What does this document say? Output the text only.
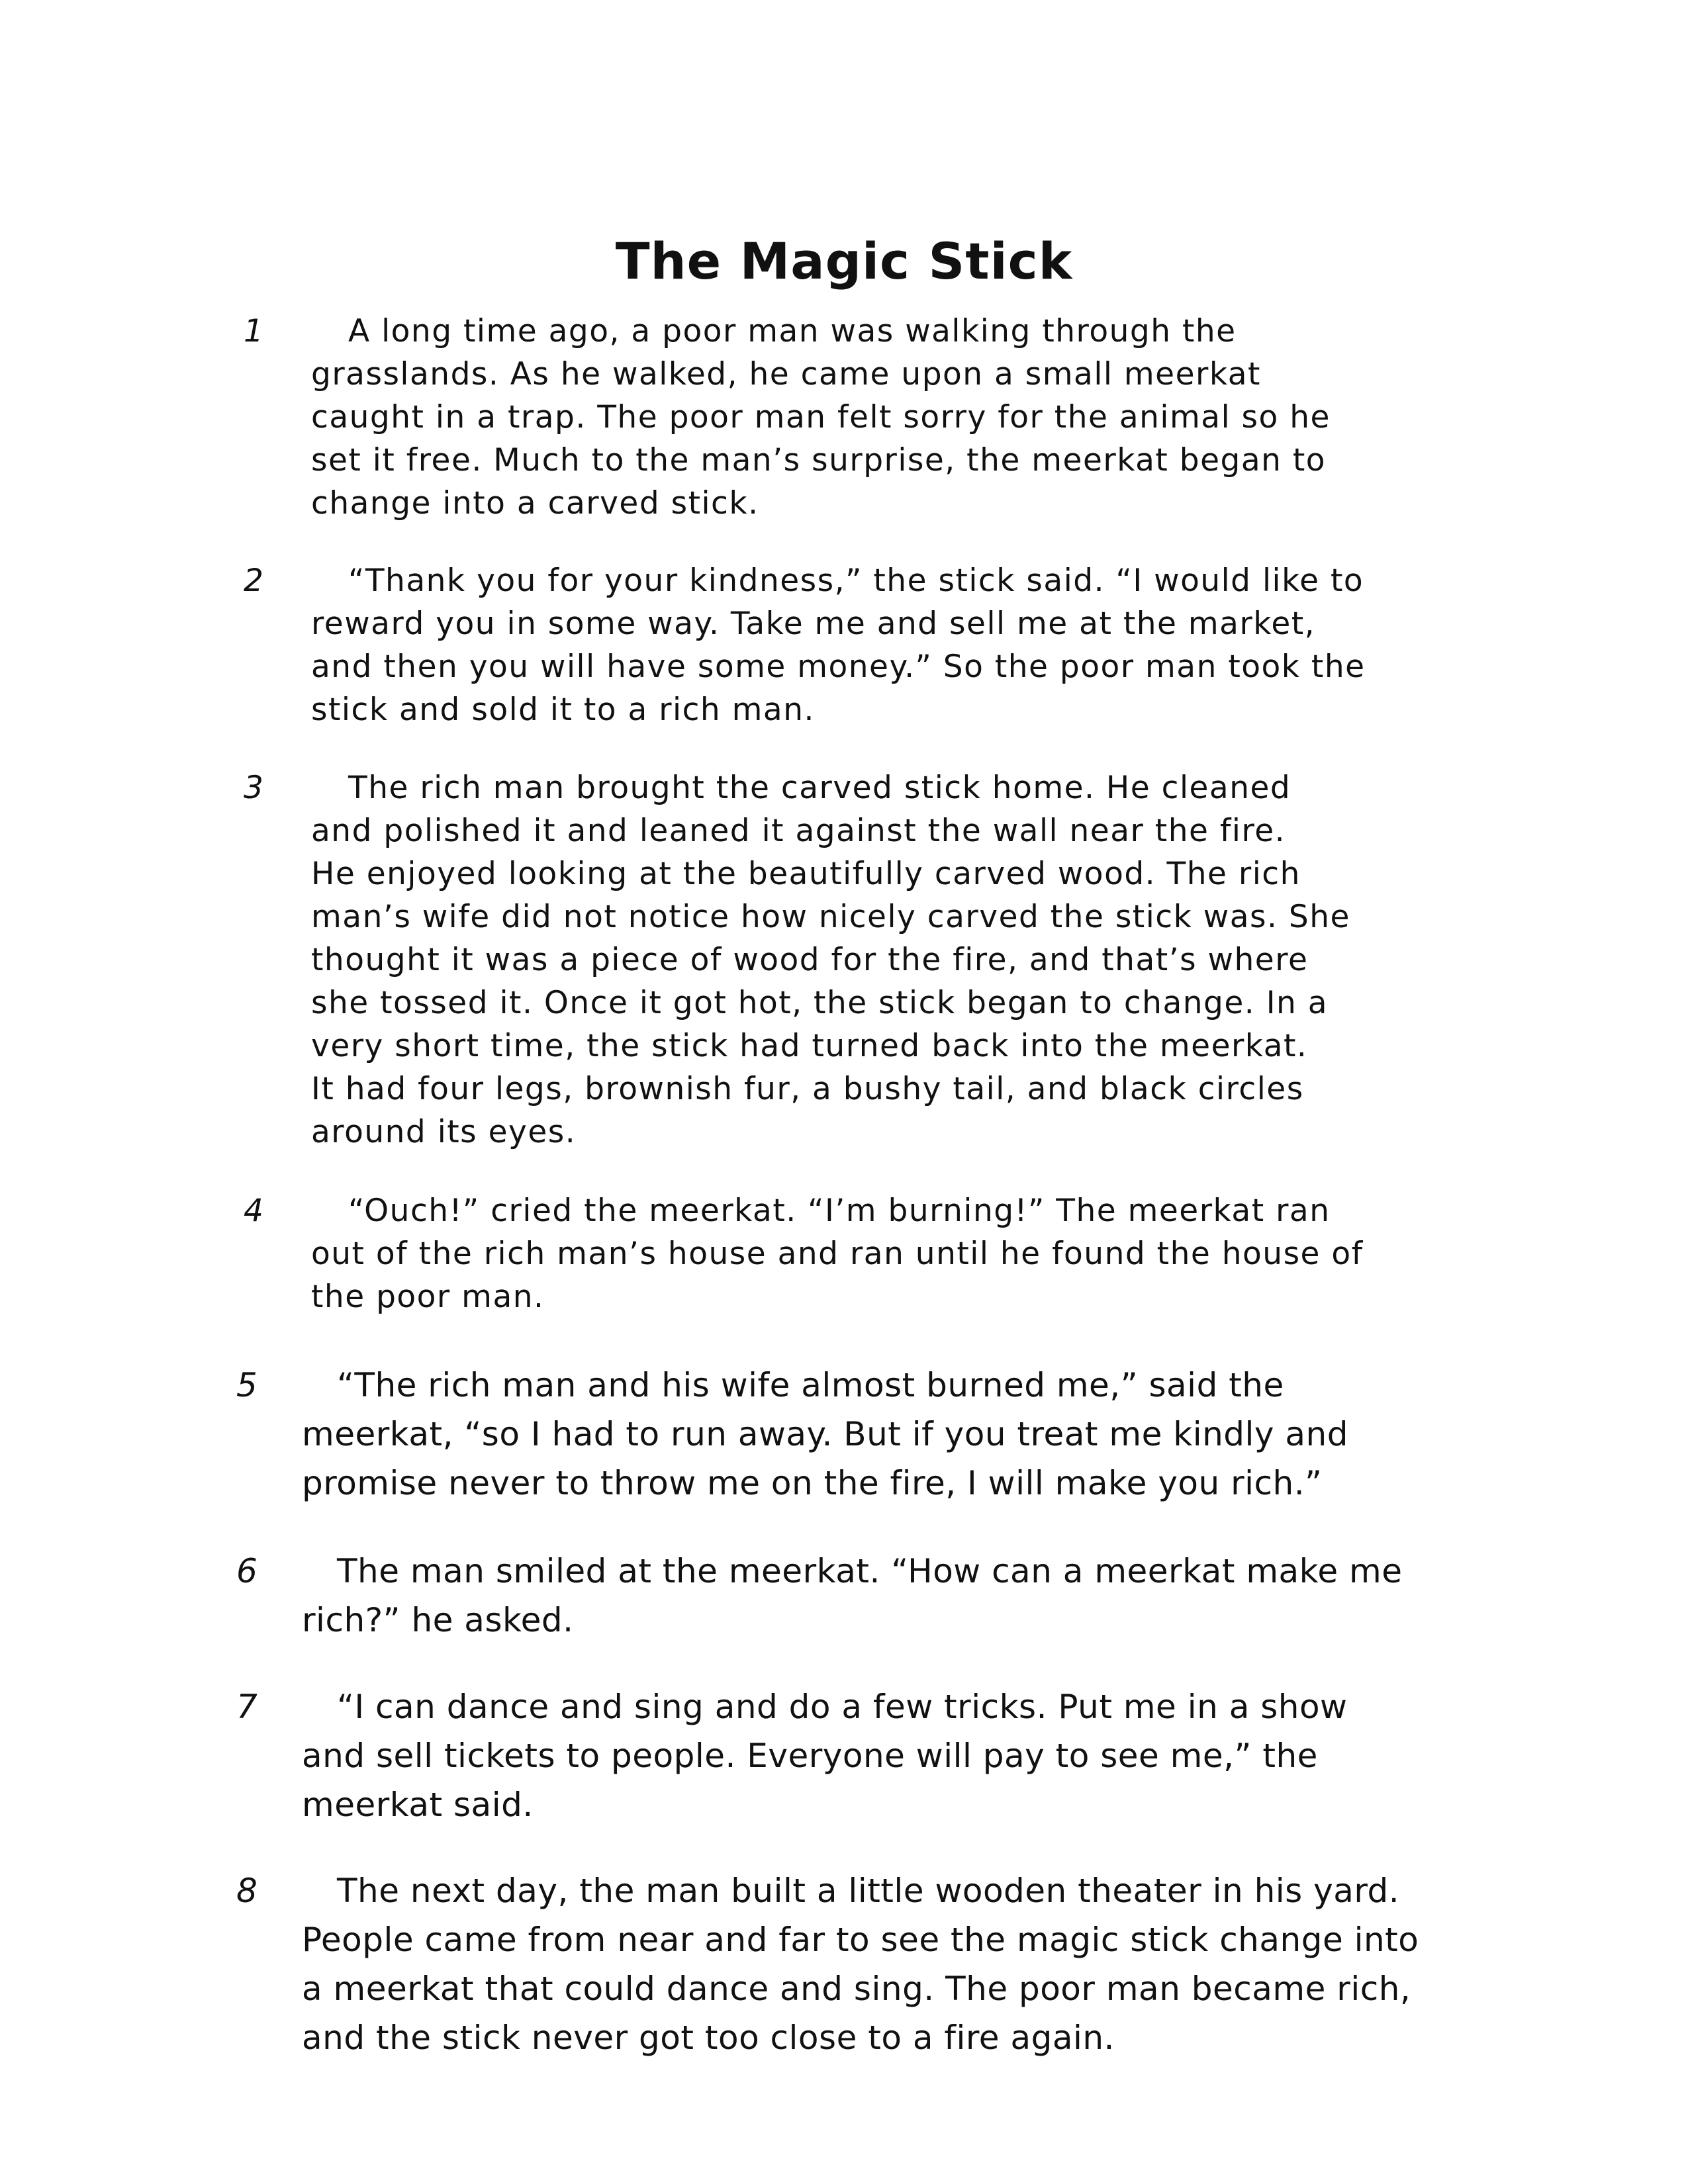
The Magic Stick
1	A long time ago, a poor man was walking through the
grasslands. As he walked, he came upon a small meerkat
caught in a trap. The poor man felt sorry for the animal so he
set it free. Much to the man’s surprise, the meerkat began to
change into a carved stick.
2	“Thank you for your kindness,” the stick said. “I would like to
reward you in some way. Take me and sell me at the market,
and then you will have some money.” So the poor man took the
stick and sold it to a rich man.
3	The rich man brought the carved stick home. He cleaned
and polished it and leaned it against the wall near the fire.
He enjoyed looking at the beautifully carved wood. The rich
man’s wife did not notice how nicely carved the stick was. She
thought it was a piece of wood for the fire, and that’s where
she tossed it. Once it got hot, the stick began to change. In a
very short time, the stick had turned back into the meerkat.
It had four legs, brownish fur, a bushy tail, and black circles
around its eyes.
4	“Ouch!” cried the meerkat. “I’m burning!” The meerkat ran
out of the rich man’s house and ran until he found the house of
the poor man.
5 “The rich man and his wife almost burned me,” said the
meerkat, “so I had to run away. But if you treat me kindly and
promise never to throw me on the fire, I will make you rich.”
6 The man smiled at the meerkat. “How can a meerkat make me
rich?” he asked.
7 “I can dance and sing and do a few tricks. Put me in a show
and sell tickets to people. Everyone will pay to see me,” the
meerkat said.
8 The next day, the man built a little wooden theater in his yard.
People came from near and far to see the magic stick change into
a meerkat that could dance and sing. The poor man became rich,
and the stick never got too close to a fire again.
